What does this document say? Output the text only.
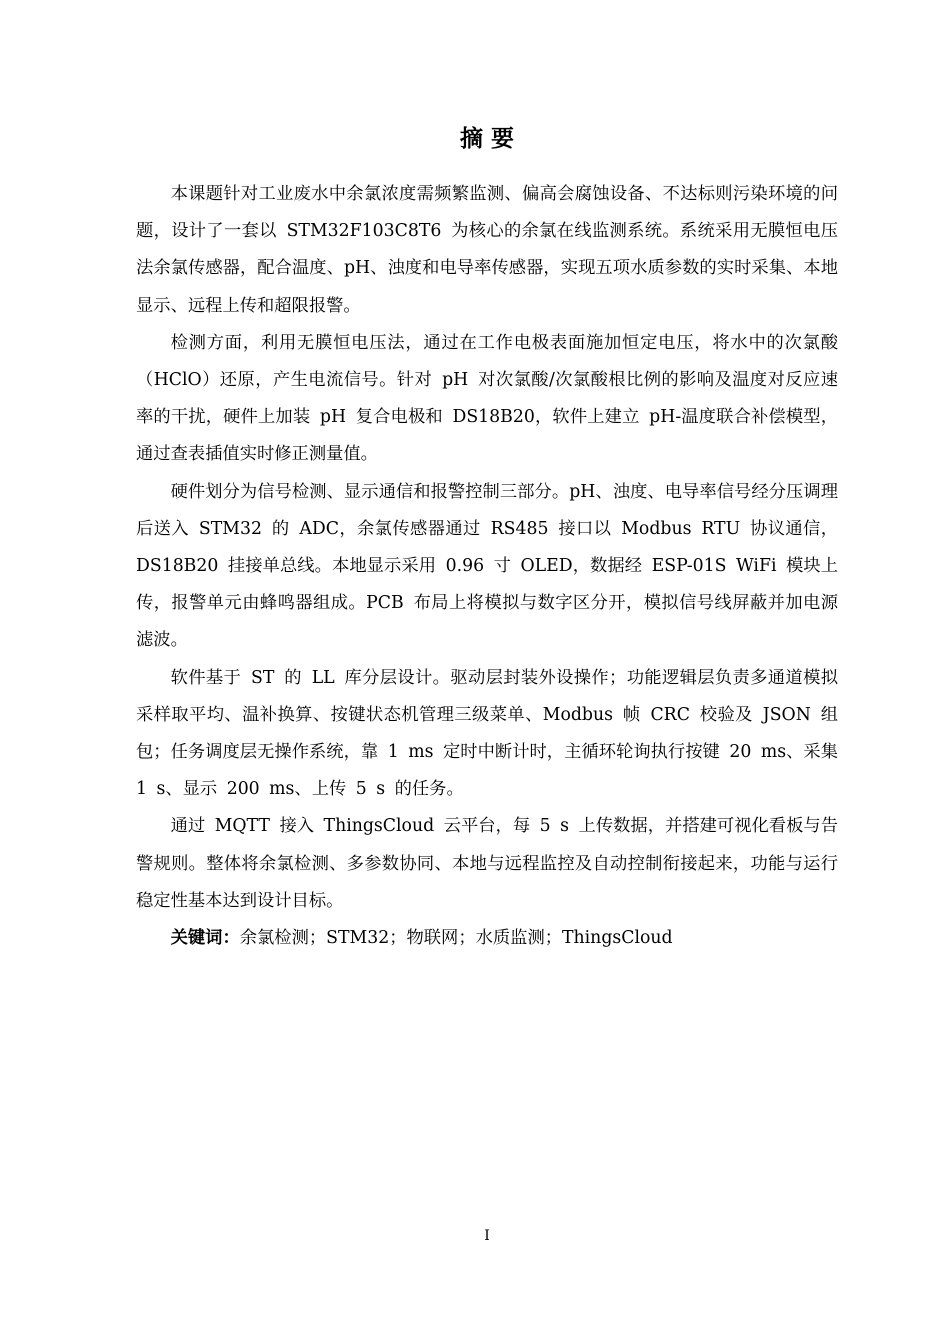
摘 要

本课题针对工业废水中余氯浓度需频繁监测、偏高会腐蚀设备、不达标则污染环境的问题，设计了一套以 STM32F103C8T6 为核心的余氯在线监测系统。系统采用无膜恒电压法余氯传感器，配合温度、pH、浊度和电导率传感器，实现五项水质参数的实时采集、本地显示、远程上传和超限报警。

检测方面，利用无膜恒电压法，通过在工作电极表面施加恒定电压，将水中的次氯酸（HClO）还原，产生电流信号。针对 pH 对次氯酸/次氯酸根比例的影响及温度对反应速率的干扰，硬件上加装 pH 复合电极和 DS18B20，软件上建立 pH-温度联合补偿模型，通过查表插值实时修正测量值。

硬件划分为信号检测、显示通信和报警控制三部分。pH、浊度、电导率信号经分压调理后送入 STM32 的 ADC，余氯传感器通过 RS485 接口以 Modbus RTU 协议通信，DS18B20 挂接单总线。本地显示采用 0.96 寸 OLED，数据经 ESP-01S WiFi 模块上传，报警单元由蜂鸣器组成。PCB 布局上将模拟与数字区分开，模拟信号线屏蔽并加电源滤波。

软件基于 ST 的 LL 库分层设计。驱动层封装外设操作；功能逻辑层负责多通道模拟采样取平均、温补换算、按键状态机管理三级菜单、Modbus 帧 CRC 校验及 JSON 组包；任务调度层无操作系统，靠 1 ms 定时中断计时，主循环轮询执行按键 20 ms、采集 1 s、显示 200 ms、上传 5 s 的任务。

通过 MQTT 接入 ThingsCloud 云平台，每 5 s 上传数据，并搭建可视化看板与告警规则。整体将余氯检测、多参数协同、本地与远程监控及自动控制衔接起来，功能与运行稳定性基本达到设计目标。

关键词：余氯检测；STM32；物联网；水质监测；ThingsCloud

I
